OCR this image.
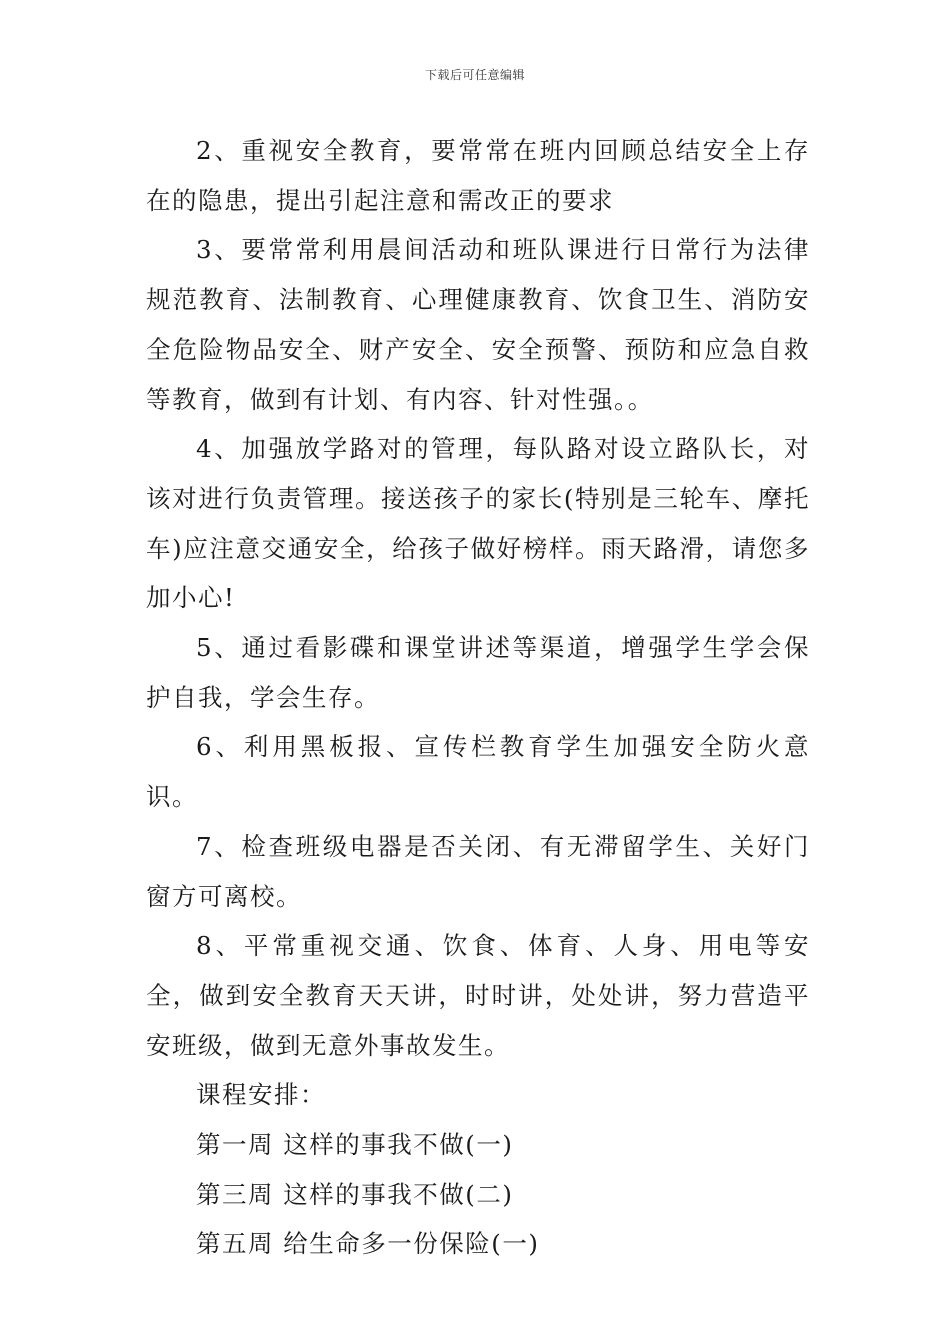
下载后可任意编辑

2、重视安全教育，要常常在班内回顾总结安全上存在的隐患，提出引起注意和需改正的要求

3、要常常利用晨间活动和班队课进行日常行为法律规范教育、法制教育、心理健康教育、饮食卫生、消防安全危险物品安全、财产安全、安全预警、预防和应急自救等教育，做到有计划、有内容、针对性强。。

4、加强放学路对的管理，每队路对设立路队长，对该对进行负责管理。接送孩子的家长(特别是三轮车、摩托车)应注意交通安全，给孩子做好榜样。雨天路滑，请您多加小心!

5、通过看影碟和课堂讲述等渠道，增强学生学会保护自我，学会生存。

6、利用黑板报、宣传栏教育学生加强安全防火意识。

7、检查班级电器是否关闭、有无滞留学生、关好门窗方可离校。

8、平常重视交通、饮食、体育、人身、用电等安全，做到安全教育天天讲，时时讲，处处讲，努力营造平安班级，做到无意外事故发生。

课程安排：

第一周 这样的事我不做(一)

第三周 这样的事我不做(二)

第五周 给生命多一份保险(一)
